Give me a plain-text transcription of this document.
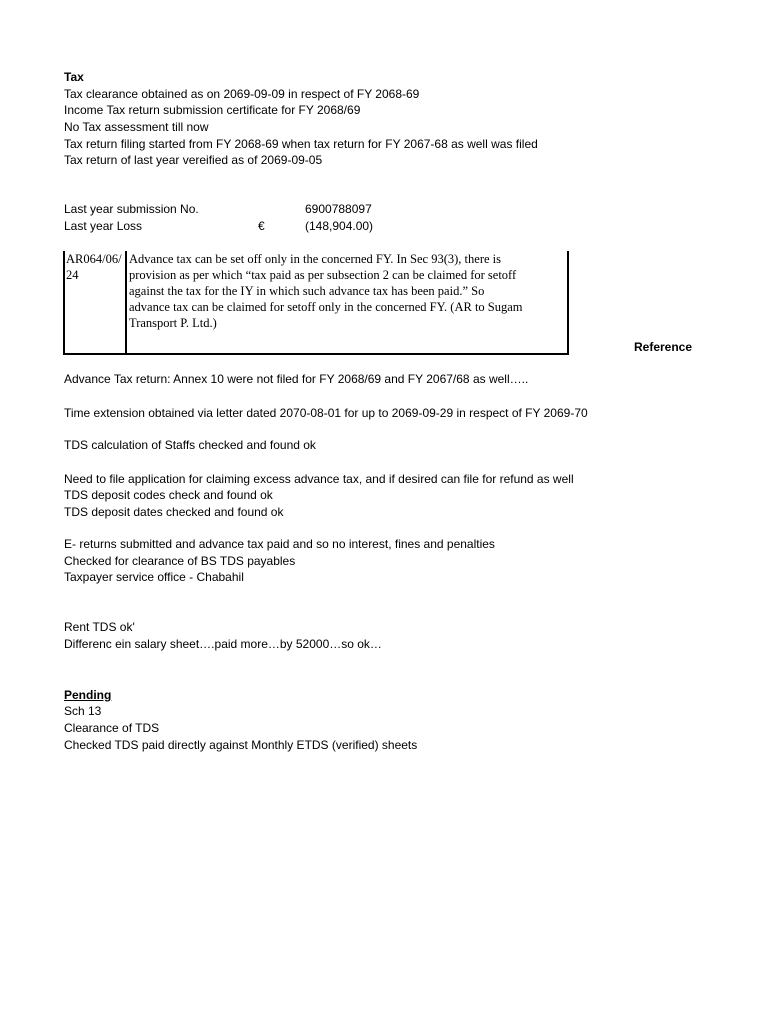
Tax
Tax clearance obtained as on 2069-09-09 in respect of FY 2068-69
Income Tax return submission certificate for FY 2068/69
No Tax assessment till now
Tax return filing started from FY 2068-69 when tax return for FY 2067-68 as well was filed
Tax return of last year vereified as of 2069-09-05
Last year submission No.	6900788097
Last year Loss	€	(148,904.00)
AR064/06/24
Advance tax can be set off only in the concerned FY. In Sec 93(3), there is
provision as per which “tax paid as per subsection 2 can be claimed for setoff
against the tax for the IY in which such advance tax has been paid.” So
advance tax can be claimed for setoff only in the concerned FY. (AR to Sugam
Transport P. Ltd.)
Reference
Advance Tax return: Annex 10 were not filed for FY 2068/69 and FY 2067/68 as well…..
Time extension obtained via letter dated 2070-08-01 for up to 2069-09-29 in respect of FY 2069-70
TDS calculation of Staffs checked and found ok
Need to file application for claiming excess advance tax, and if desired can file for refund as well
TDS deposit codes check and found ok
TDS deposit dates checked and found ok
E- returns submitted and advance tax paid and so no interest, fines and penalties
Checked for clearance of BS TDS payables
Taxpayer service office - Chabahil
Rent TDS ok'
Differenc ein salary sheet….paid more…by 52000…so ok…
Pending
Sch 13
Clearance of TDS
Checked TDS paid directly against Monthly ETDS (verified) sheets
